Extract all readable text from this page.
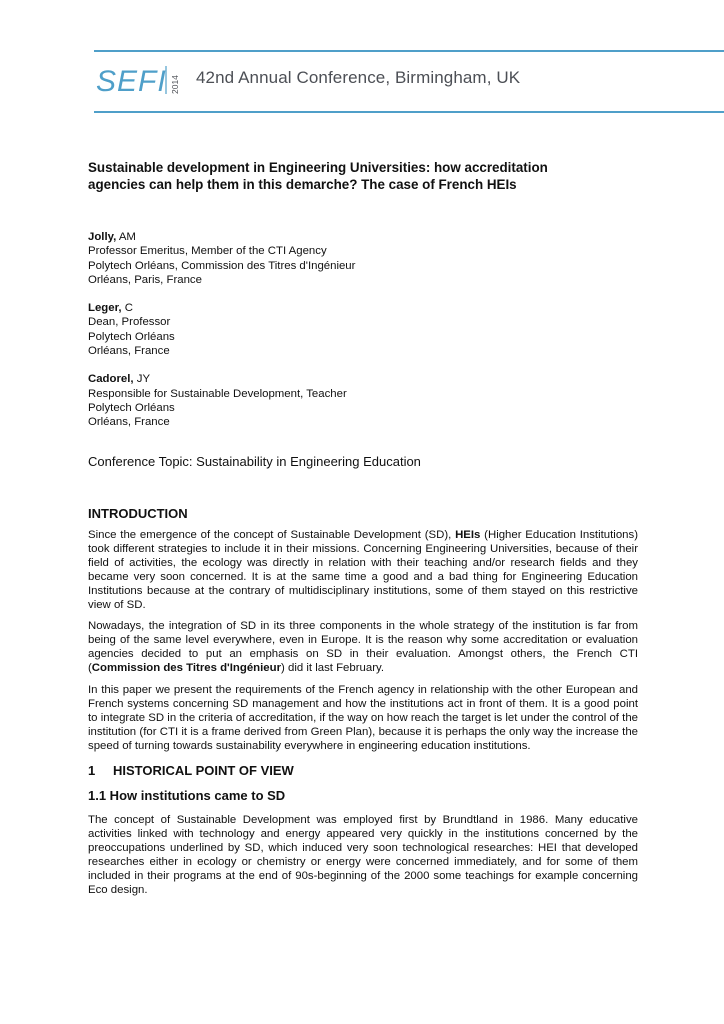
SEFI 2014 42nd Annual Conference, Birmingham, UK
Sustainable development in Engineering Universities: how accreditation
agencies can help them in this demarche? The case of French HEIs
Jolly, AM
Professor Emeritus, Member of the CTI Agency
Polytech Orléans, Commission des Titres d'Ingénieur
Orléans, Paris, France
Leger, C
Dean, Professor
Polytech Orléans
Orléans, France
Cadorel, JY
Responsible for Sustainable Development, Teacher
Polytech Orléans
Orléans, France
Conference Topic: Sustainability in Engineering Education
INTRODUCTION

Since the emergence of the concept of Sustainable Development (SD), HEIs (Higher Education Institutions) took different strategies to include it in their missions. Concerning Engineering Universities, because of their field of activities, the ecology was directly in relation with their teaching and/or research fields and they became very soon concerned. It is at the same time a good and a bad thing for Engineering Education Institutions because at the contrary of multidisciplinary institutions, some of them stayed on this restrictive view of SD.

Nowadays, the integration of SD in its three components in the whole strategy of the institution is far from being of the same level everywhere, even in Europe. It is the reason why some accreditation or evaluation agencies decided to put an emphasis on SD in their evaluation. Amongst others, the French CTI (Commission des Titres d'Ingénieur) did it last February.

In this paper we present the requirements of the French agency in relationship with the other European and French systems concerning SD management and how the institutions act in front of them. It is a good point to integrate SD in the criteria of accreditation, if the way on how reach the target is let under the control of the institution (for CTI it is a frame derived from Green Plan), because it is perhaps the only way the increase the speed of turning towards sustainability everywhere in engineering education institutions.

1 HISTORICAL POINT OF VIEW
1.1 How institutions came to SD

The concept of Sustainable Development was employed first by Brundtland in 1986. Many educative activities linked with technology and energy appeared very quickly in the institutions concerned by the preoccupations underlined by SD, which induced very soon technological researches: HEI that developed researches either in ecology or chemistry or energy were concerned immediately, and for some of them included in their programs at the end of 90s-beginning of the 2000 some teachings for example concerning Eco design.
